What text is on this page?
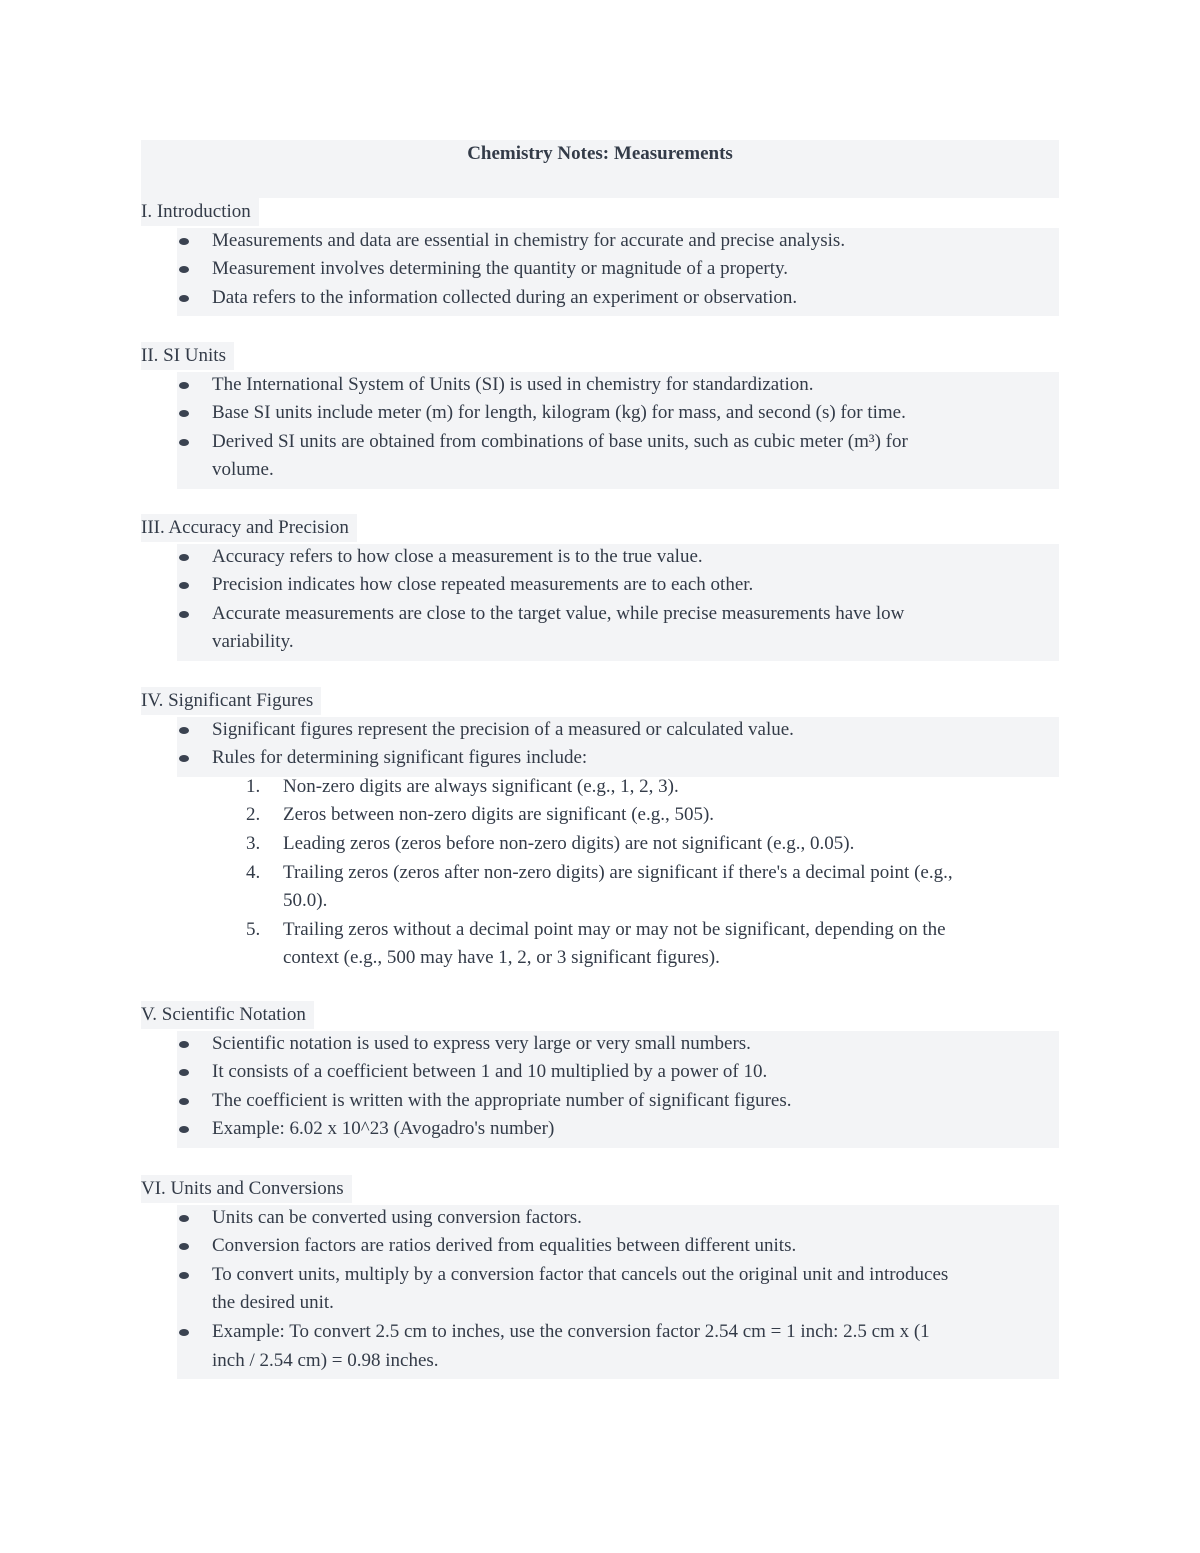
Chemistry Notes: Measurements
I. Introduction
Measurements and data are essential in chemistry for accurate and precise analysis.
Measurement involves determining the quantity or magnitude of a property.
Data refers to the information collected during an experiment or observation.
II. SI Units
The International System of Units (SI) is used in chemistry for standardization.
Base SI units include meter (m) for length, kilogram (kg) for mass, and second (s) for time.
Derived SI units are obtained from combinations of base units, such as cubic meter (m³) for
volume.
III. Accuracy and Precision
Accuracy refers to how close a measurement is to the true value.
Precision indicates how close repeated measurements are to each other.
Accurate measurements are close to the target value, while precise measurements have low
variability.
IV. Significant Figures
Significant figures represent the precision of a measured or calculated value.
Rules for determining significant figures include:
1.	Non-zero digits are always significant (e.g., 1, 2, 3).
2.	Zeros between non-zero digits are significant (e.g., 505).
3.	Leading zeros (zeros before non-zero digits) are not significant (e.g., 0.05).
4.	Trailing zeros (zeros after non-zero digits) are significant if there's a decimal point (e.g.,
50.0).
5.	Trailing zeros without a decimal point may or may not be significant, depending on the
context (e.g., 500 may have 1, 2, or 3 significant figures).
V. Scientific Notation
Scientific notation is used to express very large or very small numbers.
It consists of a coefficient between 1 and 10 multiplied by a power of 10.
The coefficient is written with the appropriate number of significant figures.
Example: 6.02 x 10^23 (Avogadro's number)
VI. Units and Conversions
Units can be converted using conversion factors.
Conversion factors are ratios derived from equalities between different units.
To convert units, multiply by a conversion factor that cancels out the original unit and introduces
the desired unit.
Example: To convert 2.5 cm to inches, use the conversion factor 2.54 cm = 1 inch: 2.5 cm x (1
inch / 2.54 cm) = 0.98 inches.
